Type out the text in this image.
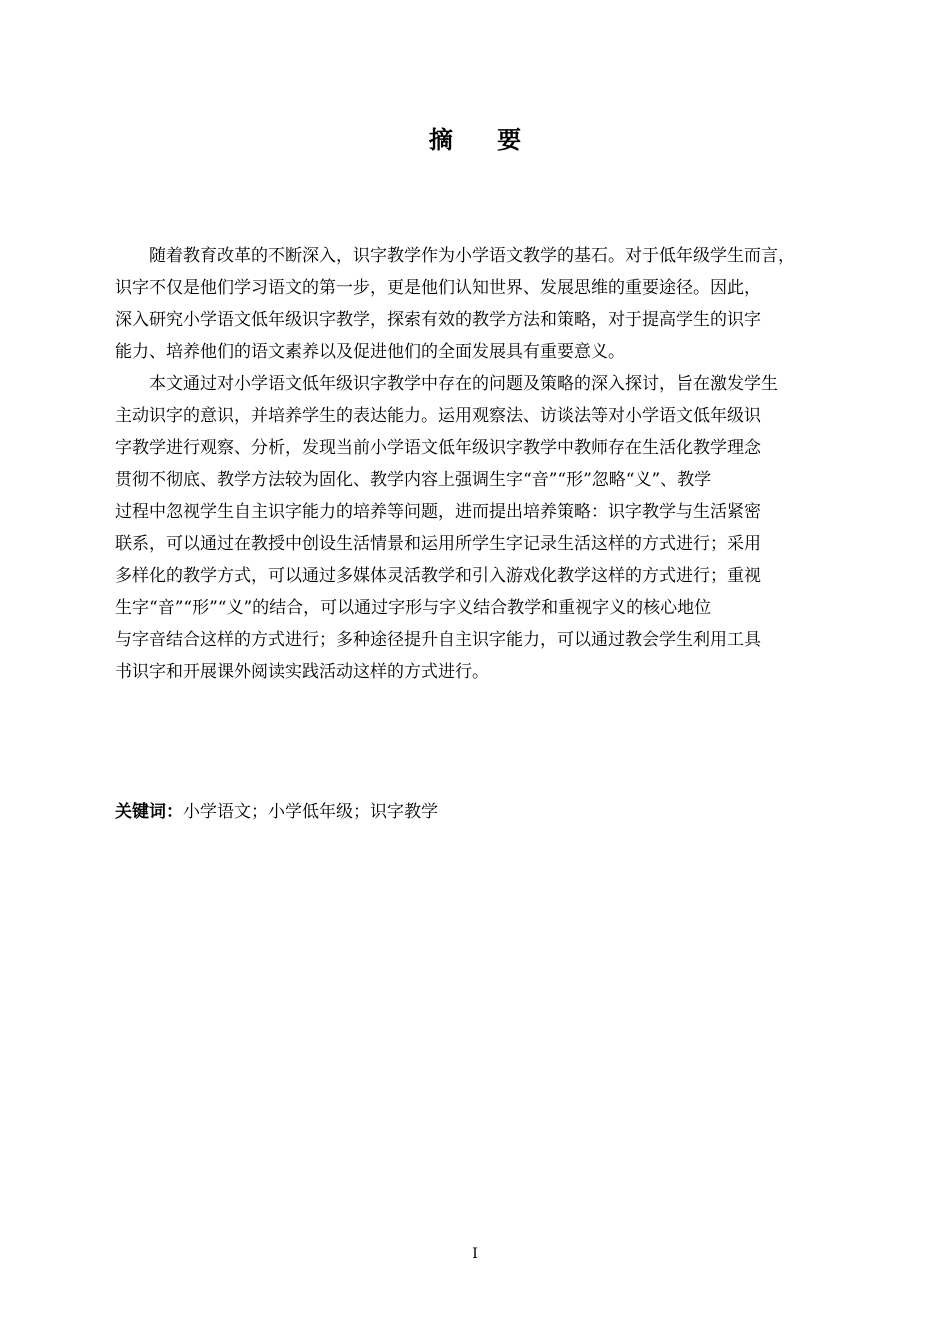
摘 要
随着教育改革的不断深入，识字教学作为小学语文教学的基石。对于低年级学生而言，
识字不仅是他们学习语文的第一步，更是他们认知世界、发展思维的重要途径。因此，
深入研究小学语文低年级识字教学，探索有效的教学方法和策略，对于提高学生的识字
能力、培养他们的语文素养以及促进他们的全面发展具有重要意义。
本文通过对小学语文低年级识字教学中存在的问题及策略的深入探讨，旨在激发学生
主动识字的意识，并培养学生的表达能力。运用观察法、访谈法等对小学语文低年级识
字教学进行观察、分析，发现当前小学语文低年级识字教学中教师存在生活化教学理念
贯彻不彻底、教学方法较为固化、教学内容上强调生字“音”“形”忽略“义”、教学
过程中忽视学生自主识字能力的培养等问题，进而提出培养策略：识字教学与生活紧密
联系，可以通过在教授中创设生活情景和运用所学生字记录生活这样的方式进行；采用
多样化的教学方式，可以通过多媒体灵活教学和引入游戏化教学这样的方式进行；重视
生字“音”“形”“义”的结合，可以通过字形与字义结合教学和重视字义的核心地位
与字音结合这样的方式进行；多种途径提升自主识字能力，可以通过教会学生利用工具
书识字和开展课外阅读实践活动这样的方式进行。
关键词：小学语文；小学低年级；识字教学
I
